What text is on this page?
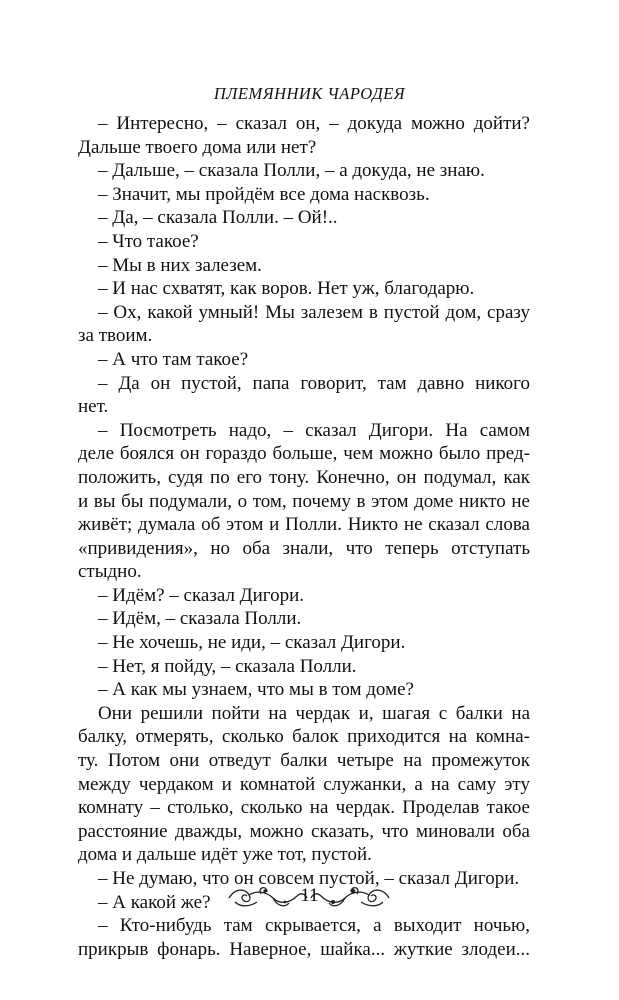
ПЛЕМЯННИК ЧАРОДЕЯ
– Интересно, – сказал он, – докуда можно дойти?
Дальше твоего дома или нет?
– Дальше, – сказала Полли, – а докуда, не знаю.
– Значит, мы пройдём все дома насквозь.
– Да, – сказала Полли. – Ой!..
– Что такое?
– Мы в них залезем.
– И нас схватят, как воров. Нет уж, благодарю.
– Ох, какой умный! Мы залезем в пустой дом, сразу
за твоим.
– А что там такое?
– Да он пустой, папа говорит, там давно никого
нет.
– Посмотреть надо, – сказал Дигори. На самом
деле боялся он гораздо больше, чем можно было пред-
положить, судя по его тону. Конечно, он подумал, как
и вы бы подумали, о том, почему в этом доме никто не
живёт; думала об этом и Полли. Никто не сказал слова
«привидения», но оба знали, что теперь отступать
стыдно.
– Идём? – сказал Дигори.
– Идём, – сказала Полли.
– Не хочешь, не иди, – сказал Дигори.
– Нет, я пойду, – сказала Полли.
– А как мы узнаем, что мы в том доме?
Они решили пойти на чердак и, шагая с балки на
балку, отмерять, сколько балок приходится на комна-
ту. Потом они отведут балки четыре на промежуток
между чердаком и комнатой служанки, а на саму эту
комнату – столько, сколько на чердак. Проделав такое
расстояние дважды, можно сказать, что миновали оба
дома и дальше идёт уже тот, пустой.
– Не думаю, что он совсем пустой, – сказал Дигори.
– А какой же?
– Кто-нибудь там скрывается, а выходит ночью,
прикрыв фонарь. Наверное, шайка... жуткие злодеи...
11
